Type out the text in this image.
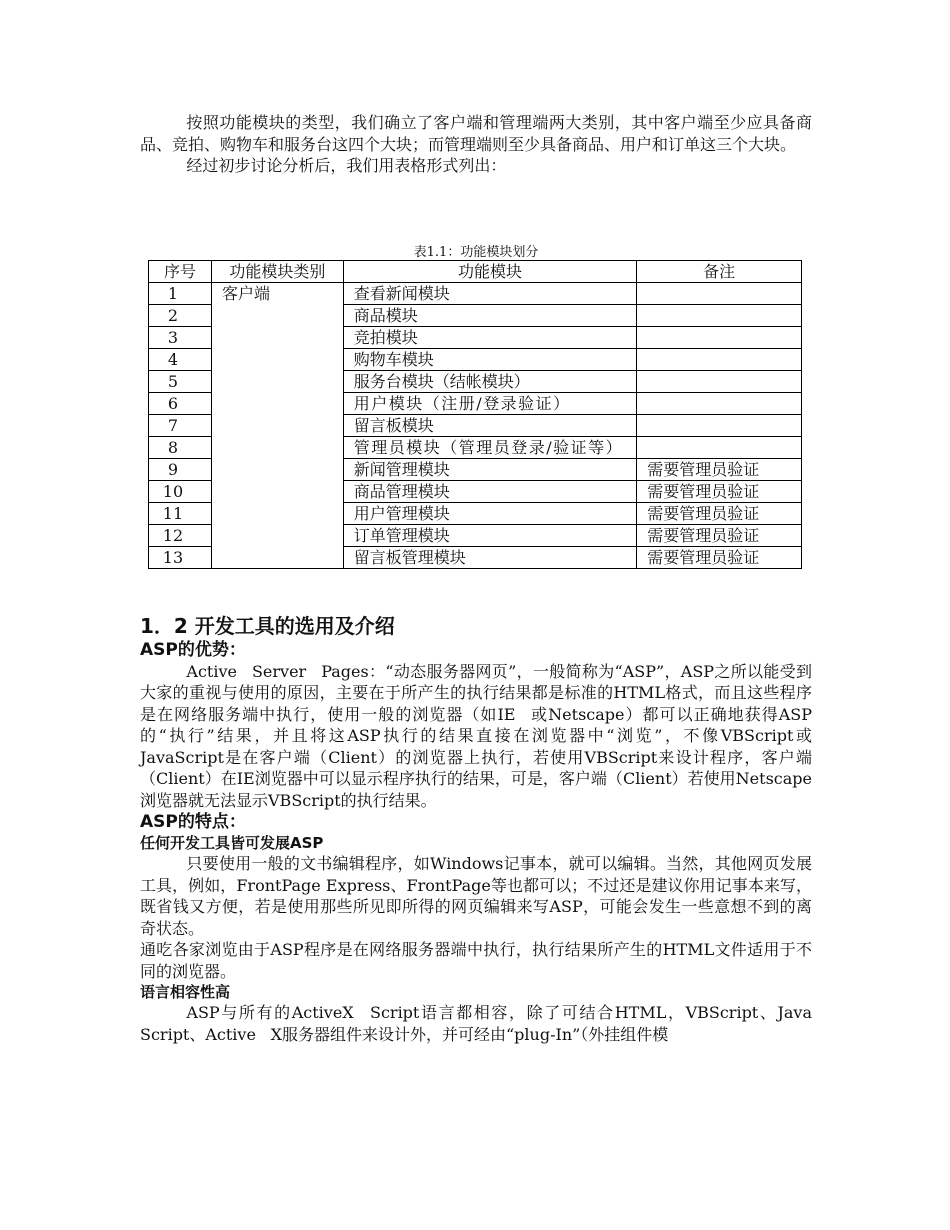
按照功能模块的类型，我们确立了客户端和管理端两大类别，其中客户端至少应具备商品、竞拍、购物车和服务台这四个大块；而管理端则至少具备商品、用户和订单这三个大块。

经过初步讨论分析后，我们用表格形式列出：

表1.1：功能模块划分

序号	功能模块类别	功能模块	备注
1	客户端	查看新闻模块	
2		商品模块	
3		竞拍模块	
4		购物车模块	
5		服务台模块（结帐模块）	
6		用户模块（注册/登录验证）	
7		留言板模块	
8		管理员模块（管理员登录/验证等）	
9		新闻管理模块	需要管理员验证
10		商品管理模块	需要管理员验证
11		用户管理模块	需要管理员验证
12		订单管理模块	需要管理员验证
13		留言板管理模块	需要管理员验证

1．2 开发工具的选用及介绍

ASP的优势：

Active Server Pages：“动态服务器网页”，一般简称为“ASP”，ASP之所以能受到大家的重视与使用的原因，主要在于所产生的执行结果都是标准的HTML格式，而且这些程序是在网络服务端中执行，使用一般的浏览器（如IE 或Netscape）都可以正确地获得ASP的“执行”结果，并且将这ASP执行的结果直接在浏览器中“浏览”，不像VBScript或 JavaScript是在客户端（Client）的浏览器上执行，若使用VBScript来设计程序，客户端（Client）在IE浏览器中可以显示程序执行的结果，可是，客户端（Client）若使用Netscape浏览器就无法显示VBScript的执行结果。

ASP的特点：

任何开发工具皆可发展ASP

只要使用一般的文书编辑程序，如Windows记事本，就可以编辑。当然，其他网页发展工具，例如，FrontPage Express、FrontPage等也都可以；不过还是建议你用记事本来写，既省钱又方便，若是使用那些所见即所得的网页编辑来写ASP，可能会发生一些意想不到的离奇状态。

通吃各家浏览由于ASP程序是在网络服务器端中执行，执行结果所产生的HTML文件适用于不同的浏览器。

语言相容性高

ASP与所有的ActiveX Script语言都相容，除了可结合HTML，VBScript、Java Script、Active X服务器组件来设计外，并可经由“plug-In”（外挂组件模
